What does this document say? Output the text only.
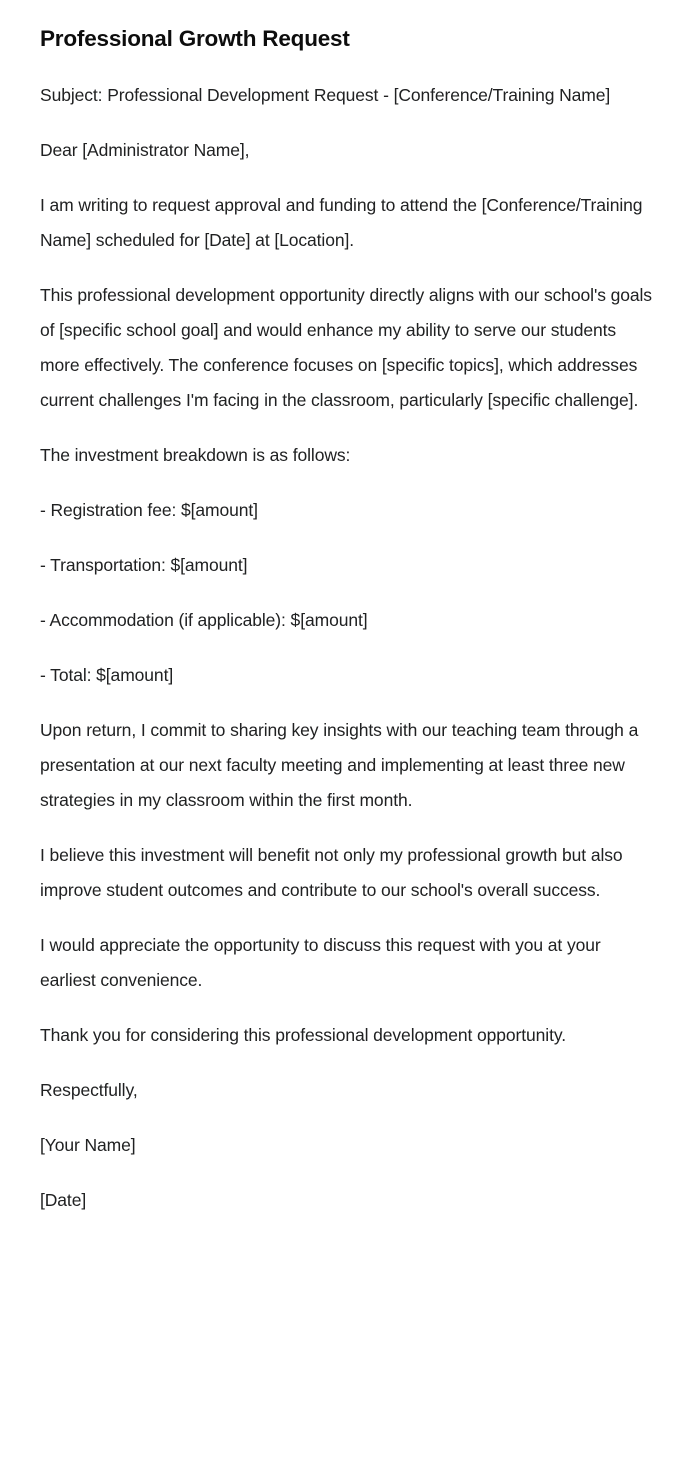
Professional Growth Request

Subject: Professional Development Request - [Conference/Training Name]

Dear [Administrator Name],

I am writing to request approval and funding to attend the [Conference/Training Name] scheduled for [Date] at [Location].

This professional development opportunity directly aligns with our school's goals of [specific school goal] and would enhance my ability to serve our students more effectively. The conference focuses on [specific topics], which addresses current challenges I'm facing in the classroom, particularly [specific challenge].

The investment breakdown is as follows:

- Registration fee: $[amount]

- Transportation: $[amount]

- Accommodation (if applicable): $[amount]

- Total: $[amount]

Upon return, I commit to sharing key insights with our teaching team through a presentation at our next faculty meeting and implementing at least three new strategies in my classroom within the first month.

I believe this investment will benefit not only my professional growth but also improve student outcomes and contribute to our school's overall success.

I would appreciate the opportunity to discuss this request with you at your earliest convenience.

Thank you for considering this professional development opportunity.

Respectfully,

[Your Name]

[Date]
